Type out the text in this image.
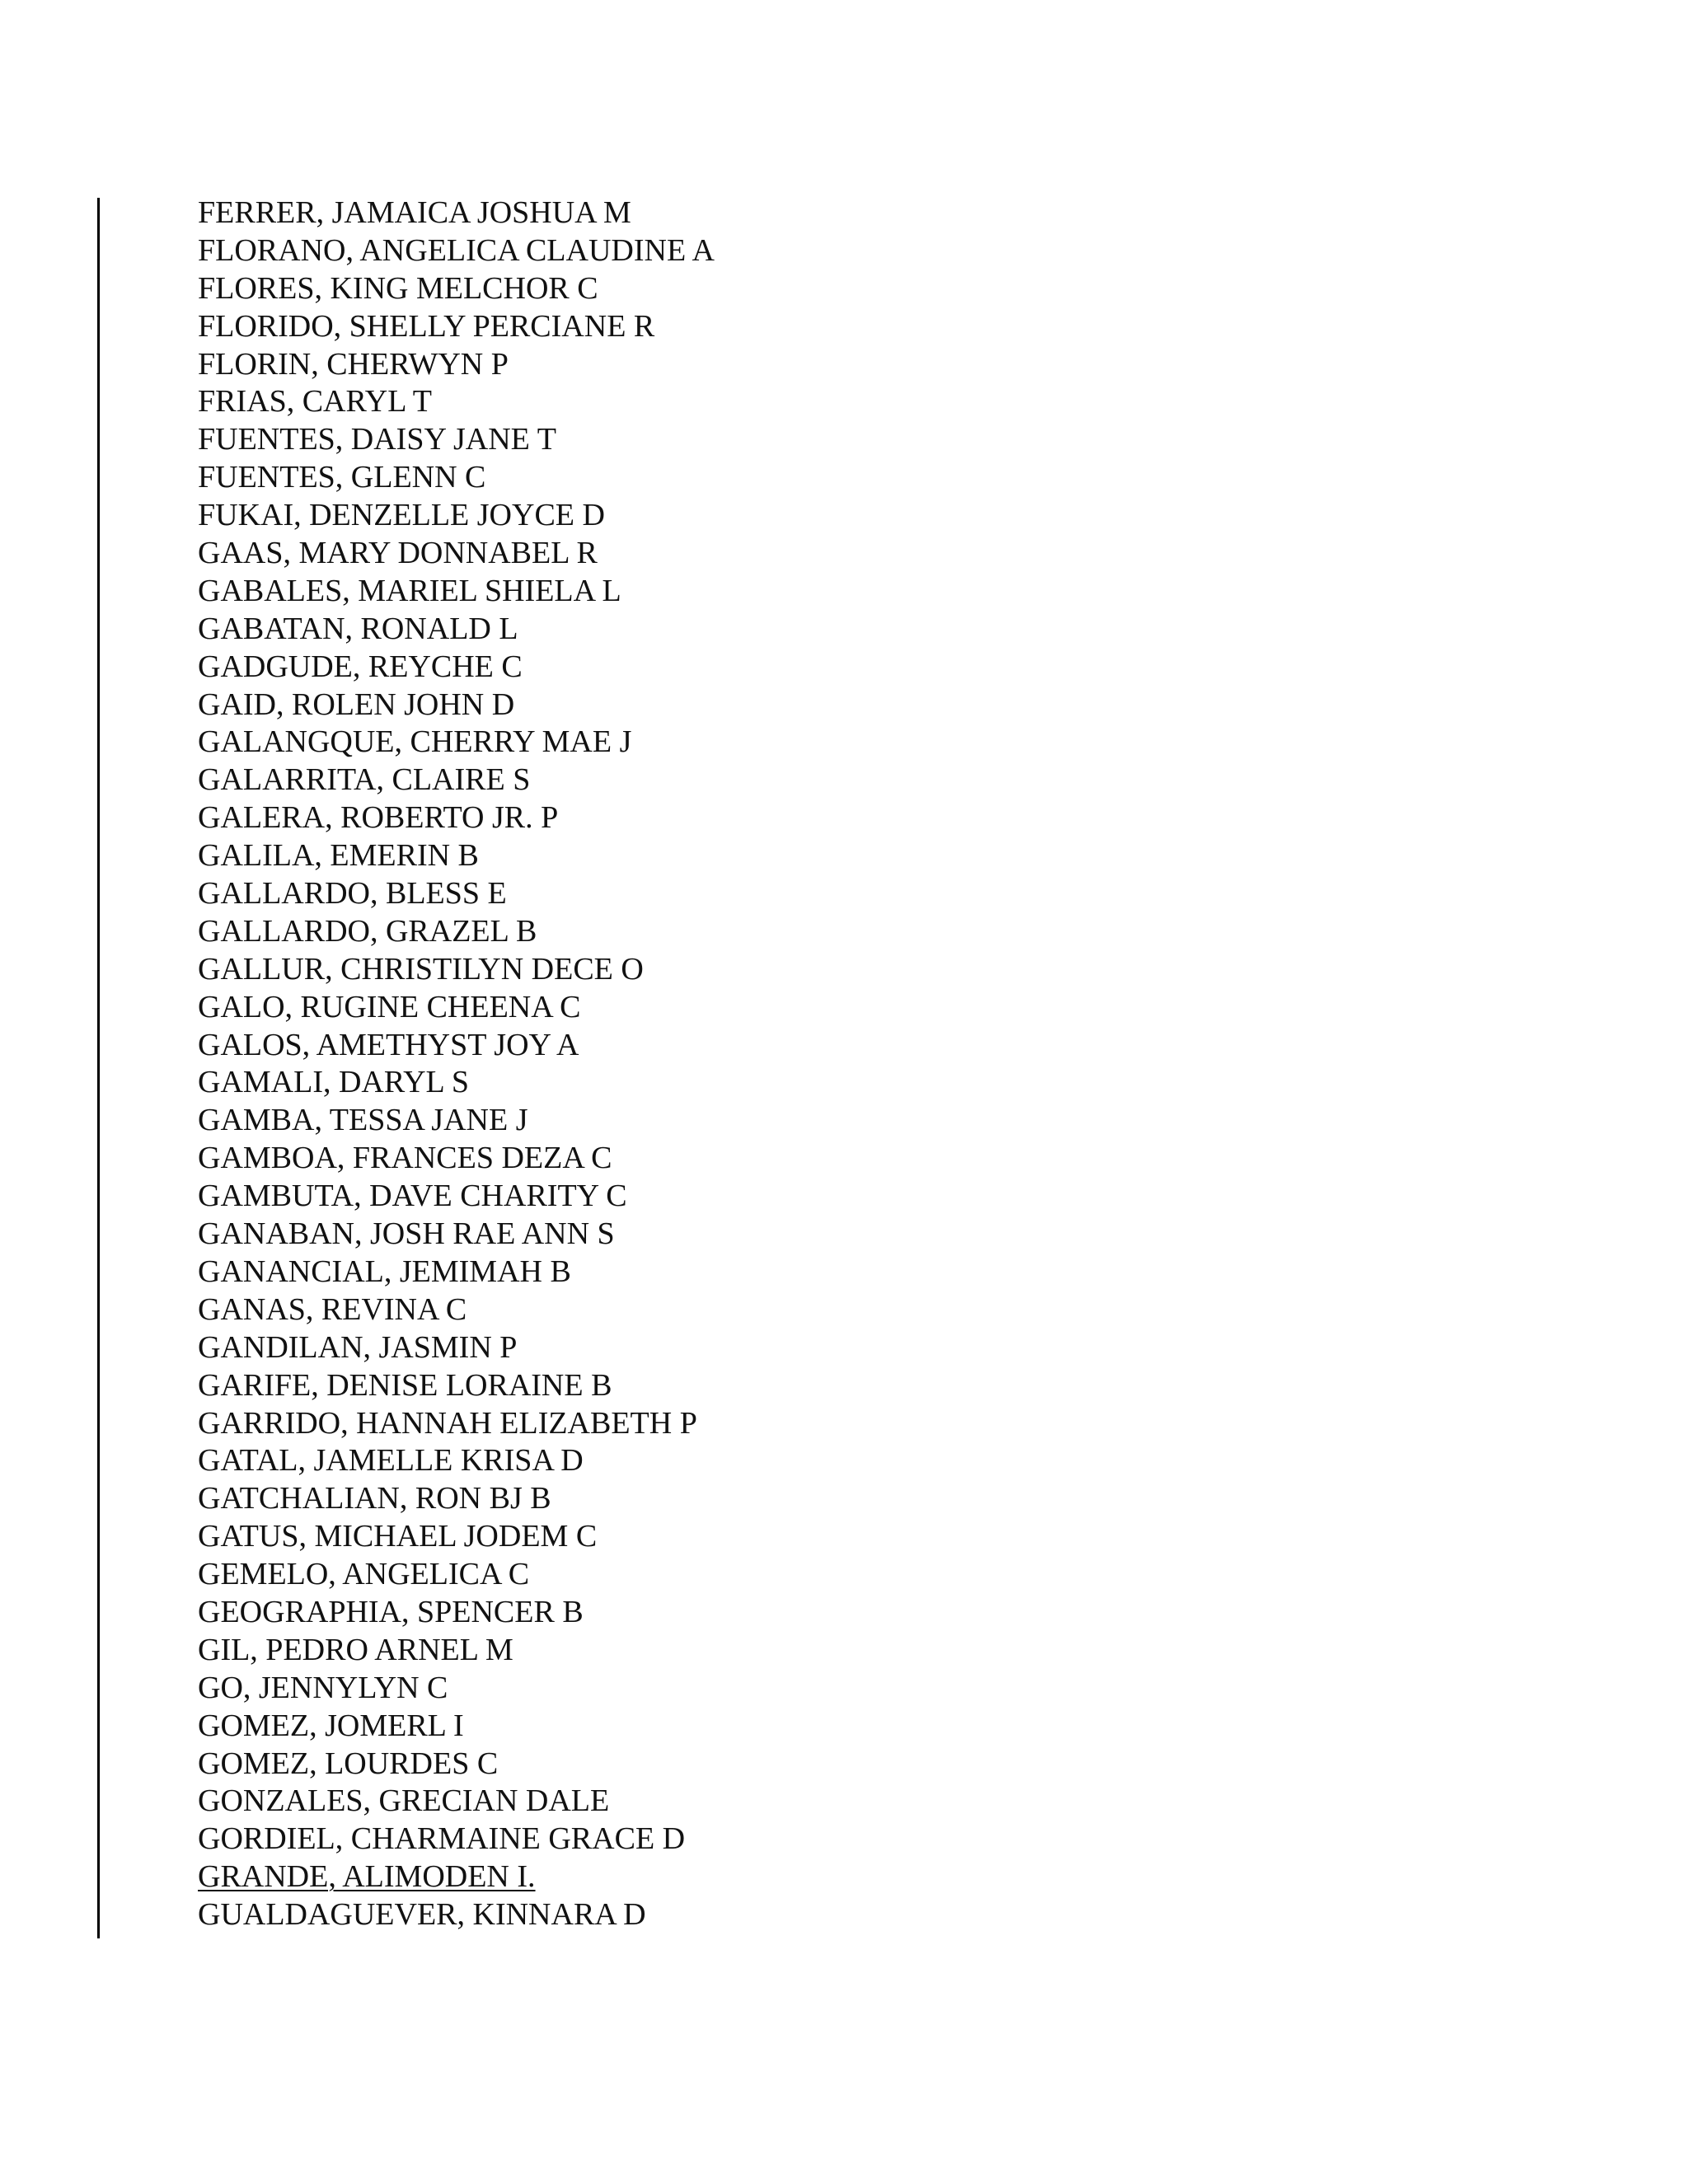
FERRER, JAMAICA JOSHUA M
FLORANO, ANGELICA CLAUDINE A
FLORES, KING MELCHOR C
FLORIDO, SHELLY PERCIANE R
FLORIN, CHERWYN P
FRIAS, CARYL T
FUENTES, DAISY JANE T
FUENTES, GLENN C
FUKAI, DENZELLE JOYCE D
GAAS, MARY DONNABEL R
GABALES, MARIEL SHIELA L
GABATAN, RONALD L
GADGUDE, REYCHE C
GAID, ROLEN JOHN D
GALANGQUE, CHERRY MAE J
GALARRITA, CLAIRE S
GALERA, ROBERTO JR. P
GALILA, EMERIN B
GALLARDO, BLESS E
GALLARDO, GRAZEL B
GALLUR, CHRISTILYN DECE O
GALO, RUGINE CHEENA C
GALOS, AMETHYST JOY A
GAMALI, DARYL S
GAMBA, TESSA JANE J
GAMBOA, FRANCES DEZA C
GAMBUTA, DAVE CHARITY C
GANABAN, JOSH RAE ANN S
GANANCIAL, JEMIMAH B
GANAS, REVINA C
GANDILAN, JASMIN P
GARIFE, DENISE LORAINE B
GARRIDO, HANNAH ELIZABETH P
GATAL, JAMELLE KRISA D
GATCHALIAN, RON BJ B
GATUS, MICHAEL JODEM C
GEMELO, ANGELICA C
GEOGRAPHIA, SPENCER B
GIL, PEDRO ARNEL M
GO, JENNYLYN C
GOMEZ, JOMERL I
GOMEZ, LOURDES C
GONZALES, GRECIAN DALE
GORDIEL, CHARMAINE GRACE D
GRANDE, ALIMODEN I.
GUALDAGUEVER, KINNARA D
